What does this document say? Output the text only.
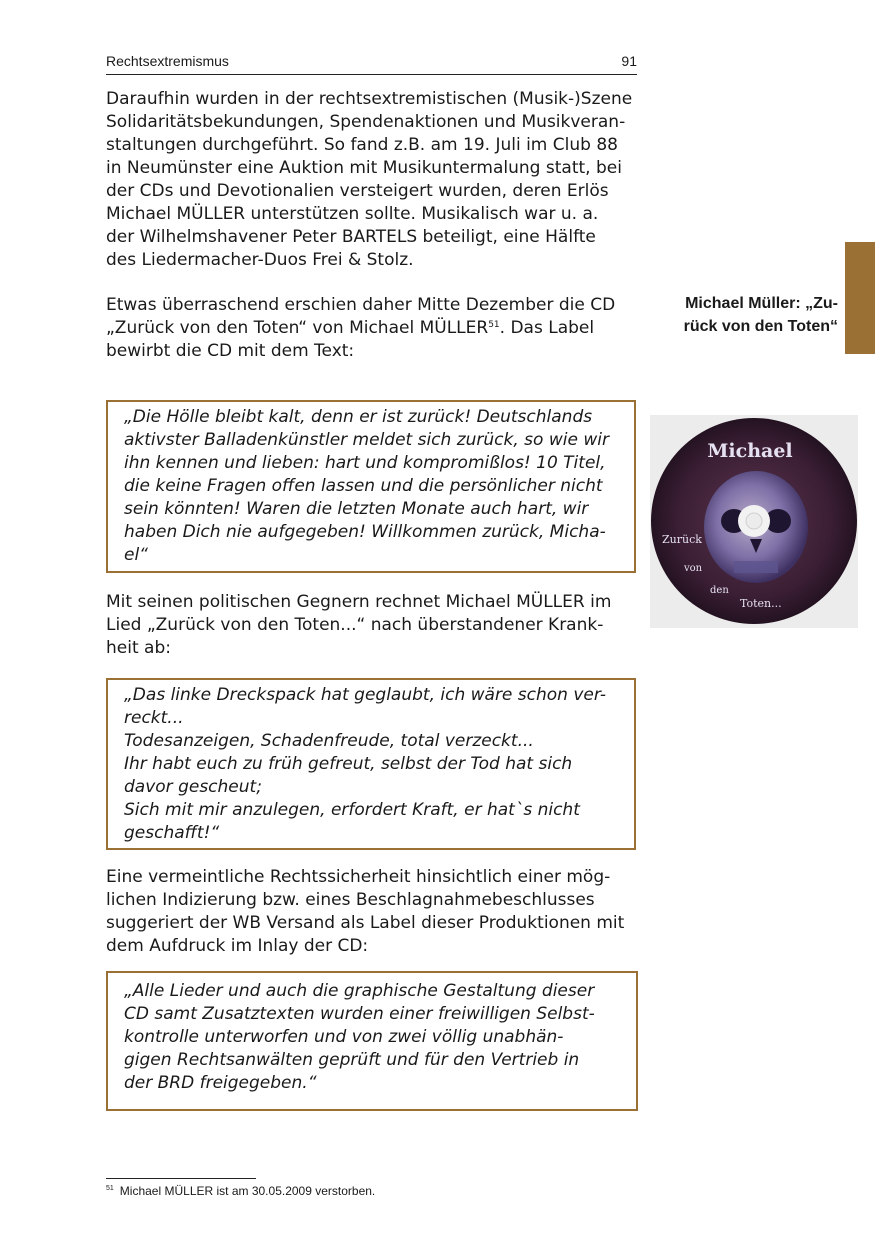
Rechtsextremismus	91

Daraufhin wurden in der rechtsextremistischen (Musik-)Szene
Solidaritätsbekundungen, Spendenaktionen und Musikveran-
staltungen durchgeführt. So fand z.B. am 19. Juli im Club 88
in Neumünster eine Auktion mit Musikuntermalung statt, bei
der CDs und Devotionalien versteigert wurden, deren Erlös
Michael MÜLLER unterstützen sollte. Musikalisch war u. a.
der Wilhelmshavener Peter BARTELS beteiligt, eine Hälfte
des Liedermacher-Duos Frei & Stolz.

Etwas überraschend erschien daher Mitte Dezember die CD
„Zurück von den Toten“ von Michael MÜLLER$^{51}$. Das Label
bewirbt die CD mit dem Text:

Michael Müller: „Zu-
rück von den Toten“
„Die Hölle bleibt kalt, denn er ist zurück! Deutschlands
aktivster Balladenkünstler meldet sich zurück, so wie wir
ihn kennen und lieben: hart und kompromißlos! 10 Titel,
die keine Fragen offen lassen und die persönlicher nicht
sein könnten! Waren die letzten Monate auch hart, wir
haben Dich nie aufgegeben! Willkommen zurück, Micha-
el“
Michael
Zurück
von
den
Toten...

Mit seinen politischen Gegnern rechnet Michael MÜLLER im
Lied „Zurück von den Toten...“ nach überstandener Krank-
heit ab:

„Das linke Dreckspack hat geglaubt, ich wäre schon ver-
reckt...
Todesanzeigen, Schadenfreude, total verzeckt...
Ihr habt euch zu früh gefreut, selbst der Tod hat sich
davor gescheut;
Sich mit mir anzulegen, erfordert Kraft, er hat`s nicht
geschafft!“

Eine vermeintliche Rechtssicherheit hinsichtlich einer mög-
lichen Indizierung bzw. eines Beschlagnahmebeschlusses
suggeriert der WB Versand als Label dieser Produktionen mit
dem Aufdruck im Inlay der CD:

„Alle Lieder und auch die graphische Gestaltung dieser
CD samt Zusatztexten wurden einer freiwilligen Selbst-
kontrolle unterworfen und von zwei völlig unabhän-
gigen Rechtsanwälten geprüft und für den Vertrieb in
der BRD freigegeben.“
$^{51}$ Michael MÜLLER ist am 30.05.2009 verstorben.
